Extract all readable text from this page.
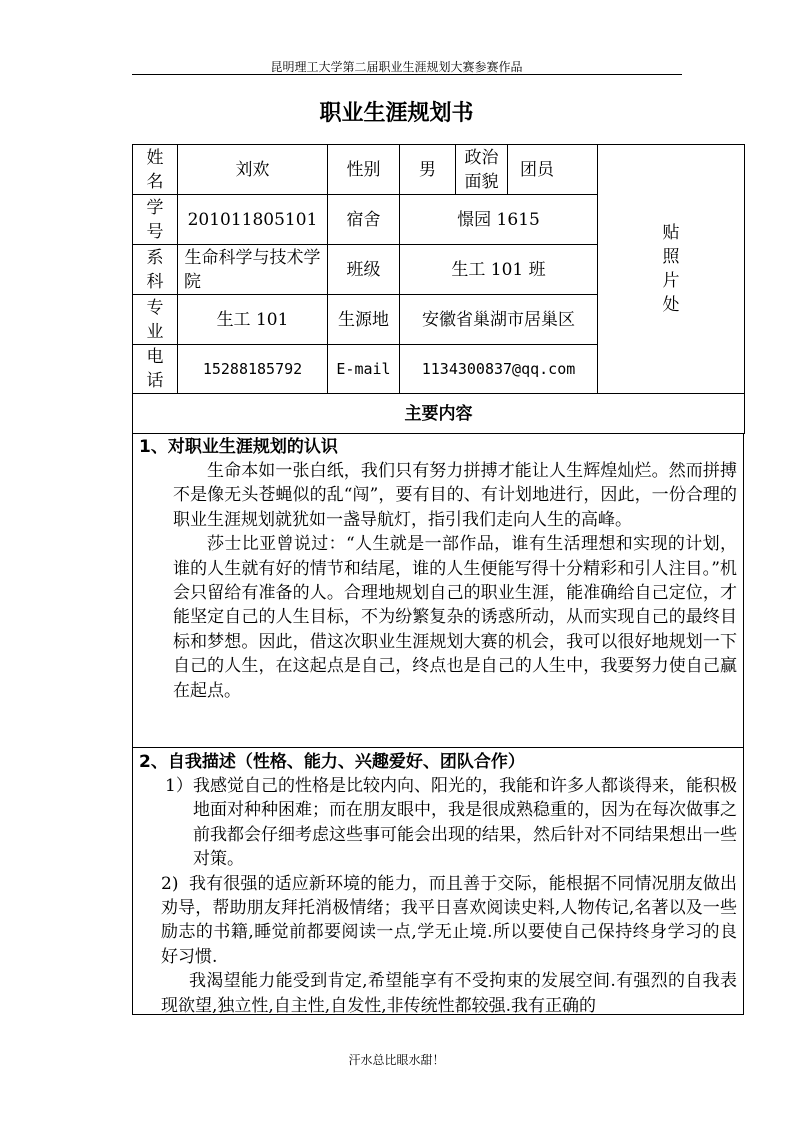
昆明理工大学第二届职业生涯规划大赛参赛作品
职业生涯规划书
姓名	刘欢	性别	男	政治面貌	团员	贴照片处

学号	201011805101	宿舍	憬园 1615			
系科	生命科学与技术学院	班级	生工 101 班			
专业	生工 101	生源地	安徽省巢湖市居巢区			
电话	15288185792	E-mail	1134300837@qq.com			
主要内容						
1、对职业生涯规划的认识

生命本如一张白纸，我们只有努力拼搏才能让人生辉煌灿烂。然而拼搏不是像无头苍蝇似的乱“闯”，要有目的、有计划地进行，因此，一份合理的职业生涯规划就犹如一盏导航灯，指引我们走向人生的高峰。

莎士比亚曾说过：“人生就是一部作品，谁有生活理想和实现的计划，谁的人生就有好的情节和结尾，谁的人生便能写得十分精彩和引人注目。”机会只留给有准备的人。合理地规划自己的职业生涯，能准确给自己定位，才能坚定自己的人生目标，不为纷繁复杂的诱惑所动，从而实现自己的最终目标和梦想。因此，借这次职业生涯规划大赛的机会，我可以很好地规划一下自己的人生，在这起点是自己，终点也是自己的人生中，我要努力使自己赢在起点。

2、自我描述（性格、能力、兴趣爱好、团队合作）
1） 我感觉自己的性格是比较内向、阳光的，我能和许多人都谈得来，能积极地面对种种困难；而在朋友眼中，我是很成熟稳重的，因为在每次做事之前我都会仔细考虑这些事可能会出现的结果，然后针对不同结果想出一些对策。
2) 我有很强的适应新环境的能力，而且善于交际，能根据不同情况朋友做出劝导，帮助朋友拜托消极情绪；我平日喜欢阅读史料,人物传记,名著以及一些励志的书籍,睡觉前都要阅读一点,学无止境.所以要使自己保持终身学习的良好习惯.
我渴望能力能受到肯定,希望能享有不受拘束的发展空间.有强烈的自我表现欲望,独立性,自主性,自发性,非传统性都较强.我有正确的
汗水总比眼水甜！
